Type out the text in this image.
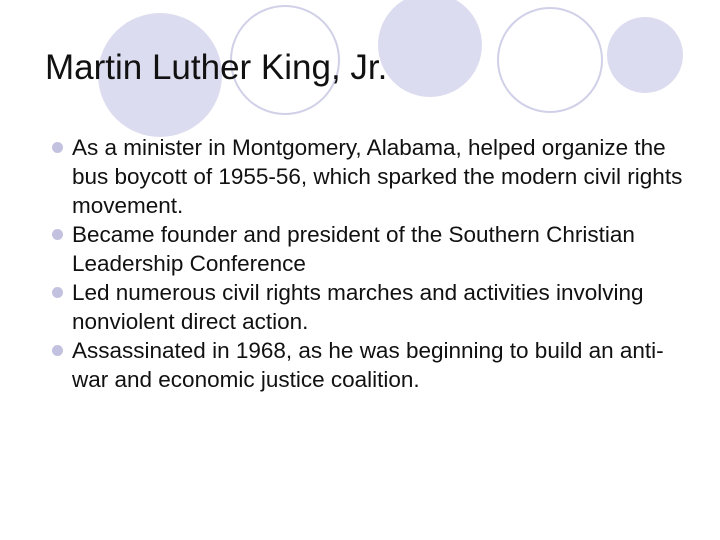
Martin Luther King, Jr.
As a minister in Montgomery, Alabama, helped organize the bus boycott of 1955-56, which sparked the modern civil rights movement.
Became founder and president of the Southern Christian Leadership Conference
Led numerous civil rights marches and activities involving nonviolent direct action.
Assassinated in 1968, as he was beginning to build an anti-war and economic justice coalition.
